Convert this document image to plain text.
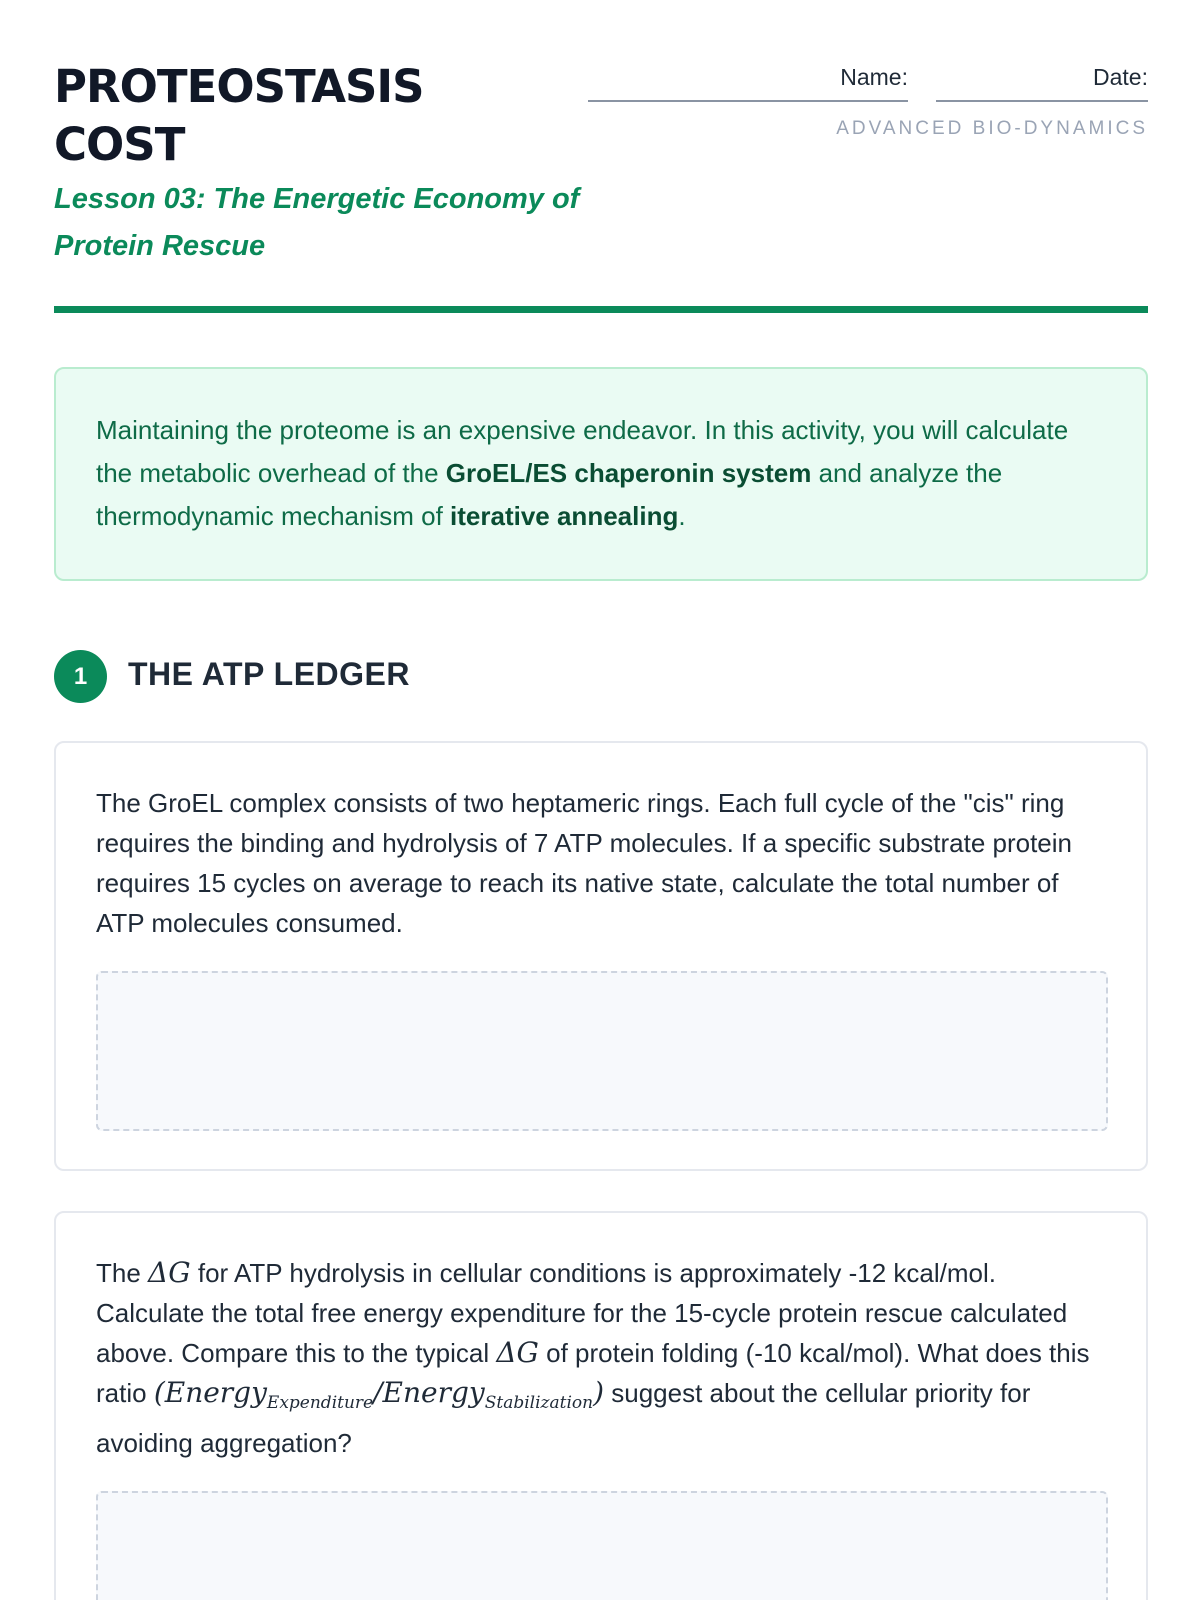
PROTEOSTASIS COST
Lesson 03: The Energetic Economy of Protein Rescue
Name:	Date:
ADVANCED BIO-DYNAMICS
Maintaining the proteome is an expensive endeavor. In this activity, you will calculate the metabolic overhead of the GroEL/ES chaperonin system and analyze the thermodynamic mechanism of iterative annealing.
1	THE ATP LEDGER

The GroEL complex consists of two heptameric rings. Each full cycle of the "cis" ring requires the binding and hydrolysis of 7 ATP molecules. If a specific substrate protein requires 15 cycles on average to reach its native state, calculate the total number of ATP molecules consumed.

The ΔG for ATP hydrolysis in cellular conditions is approximately -12 kcal/mol. Calculate the total free energy expenditure for the 15-cycle protein rescue calculated above. Compare this to the typical ΔG of protein folding (-10 kcal/mol). What does this ratio (Energy$_{Expenditure}$/Energy$_{Stabilization}$) suggest about the cellular priority for avoiding aggregation?
